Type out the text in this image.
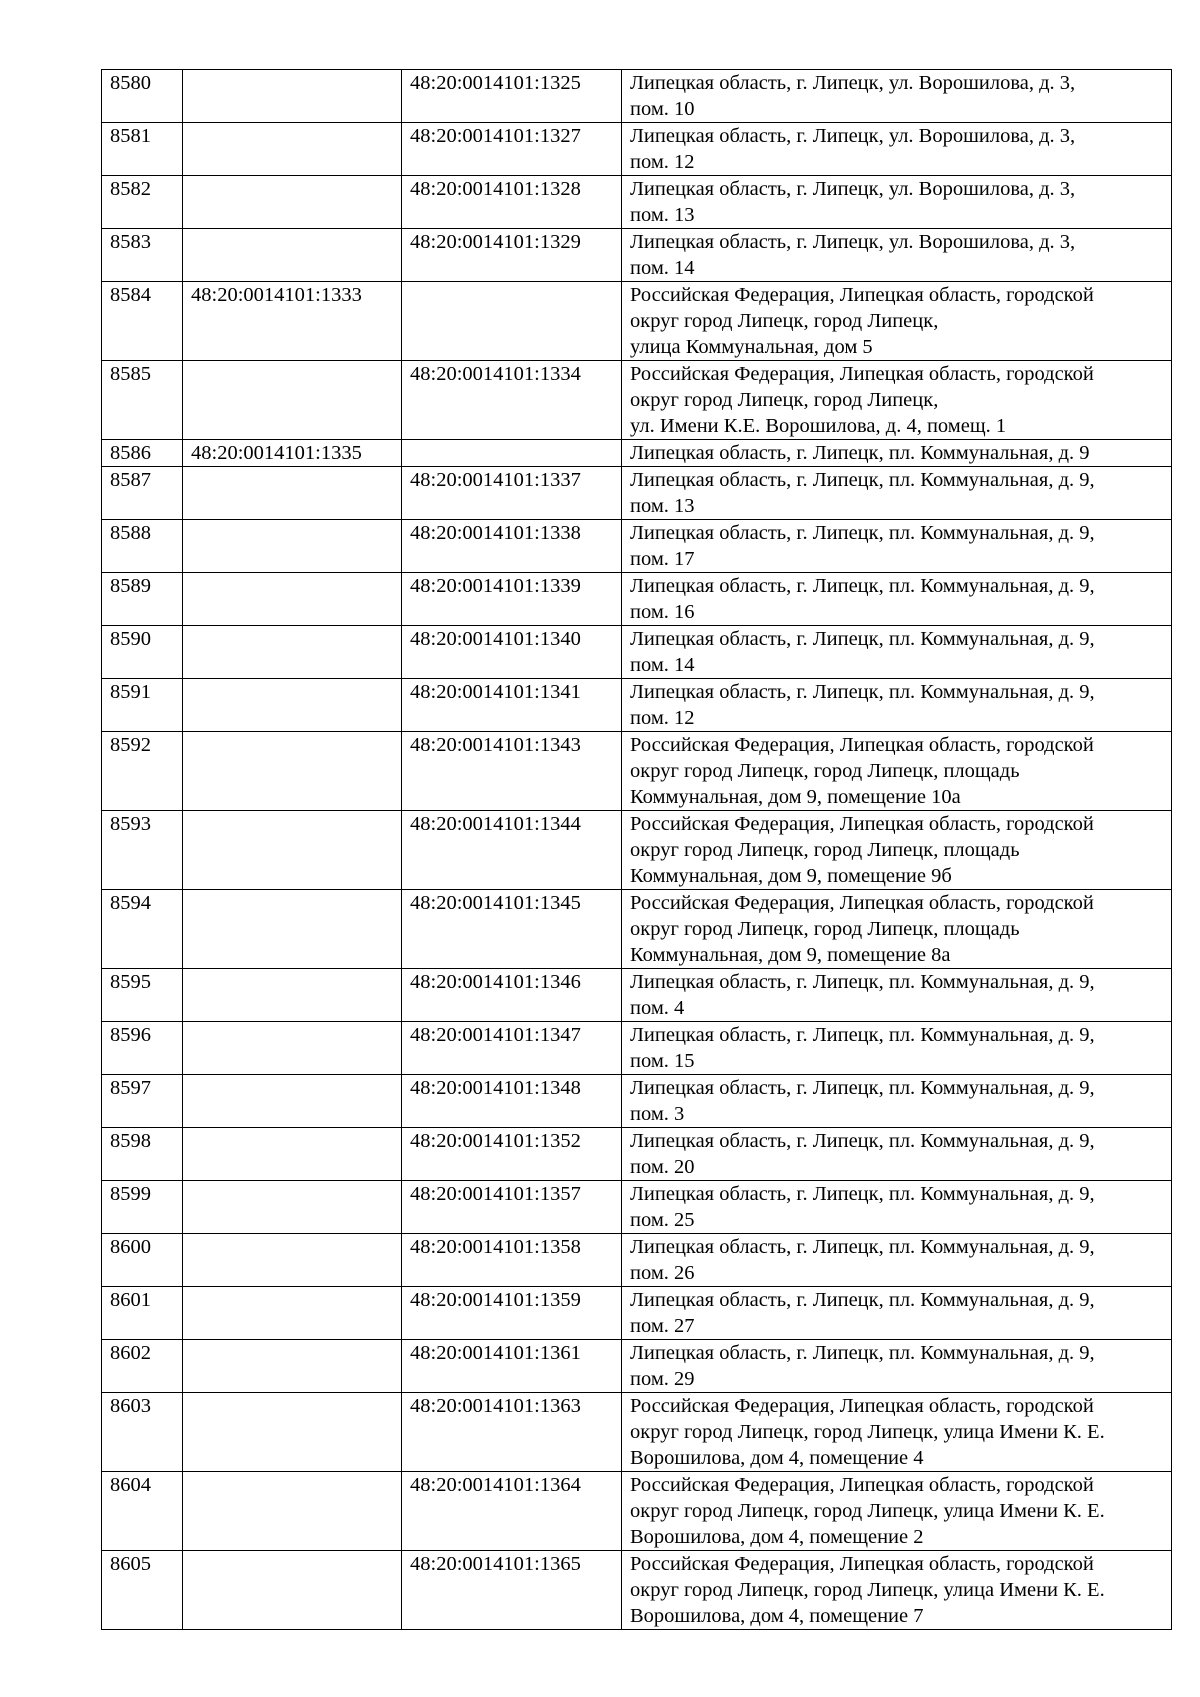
8580		48:20:0014101:1325	Липецкая область, г. Липецк, ул. Ворошилова, д. 3,
пом. 10
8581		48:20:0014101:1327	Липецкая область, г. Липецк, ул. Ворошилова, д. 3,
пом. 12
8582		48:20:0014101:1328	Липецкая область, г. Липецк, ул. Ворошилова, д. 3,
пом. 13
8583		48:20:0014101:1329	Липецкая область, г. Липецк, ул. Ворошилова, д. 3,
пом. 14
8584	48:20:0014101:1333		Российская Федерация, Липецкая область, городской
округ город Липецк, город Липецк,
улица Коммунальная, дом 5
8585		48:20:0014101:1334	Российская Федерация, Липецкая область, городской
округ город Липецк, город Липецк,
ул. Имени К.Е. Ворошилова, д. 4, помещ. 1
8586	48:20:0014101:1335		Липецкая область, г. Липецк, пл. Коммунальная, д. 9
8587		48:20:0014101:1337	Липецкая область, г. Липецк, пл. Коммунальная, д. 9,
пом. 13
8588		48:20:0014101:1338	Липецкая область, г. Липецк, пл. Коммунальная, д. 9,
пом. 17
8589		48:20:0014101:1339	Липецкая область, г. Липецк, пл. Коммунальная, д. 9,
пом. 16
8590		48:20:0014101:1340	Липецкая область, г. Липецк, пл. Коммунальная, д. 9,
пом. 14
8591		48:20:0014101:1341	Липецкая область, г. Липецк, пл. Коммунальная, д. 9,
пом. 12
8592		48:20:0014101:1343	Российская Федерация, Липецкая область, городской
округ город Липецк, город Липецк, площадь
Коммунальная, дом 9, помещение 10а
8593		48:20:0014101:1344	Российская Федерация, Липецкая область, городской
округ город Липецк, город Липецк, площадь
Коммунальная, дом 9, помещение 9б
8594		48:20:0014101:1345	Российская Федерация, Липецкая область, городской
округ город Липецк, город Липецк, площадь
Коммунальная, дом 9, помещение 8а
8595		48:20:0014101:1346	Липецкая область, г. Липецк, пл. Коммунальная, д. 9,
пом. 4
8596		48:20:0014101:1347	Липецкая область, г. Липецк, пл. Коммунальная, д. 9,
пом. 15
8597		48:20:0014101:1348	Липецкая область, г. Липецк, пл. Коммунальная, д. 9,
пом. 3
8598		48:20:0014101:1352	Липецкая область, г. Липецк, пл. Коммунальная, д. 9,
пом. 20
8599		48:20:0014101:1357	Липецкая область, г. Липецк, пл. Коммунальная, д. 9,
пом. 25
8600		48:20:0014101:1358	Липецкая область, г. Липецк, пл. Коммунальная, д. 9,
пом. 26
8601		48:20:0014101:1359	Липецкая область, г. Липецк, пл. Коммунальная, д. 9,
пом. 27
8602		48:20:0014101:1361	Липецкая область, г. Липецк, пл. Коммунальная, д. 9,
пом. 29
8603		48:20:0014101:1363	Российская Федерация, Липецкая область, городской
округ город Липецк, город Липецк, улица Имени К. Е.
Ворошилова, дом 4, помещение 4
8604		48:20:0014101:1364	Российская Федерация, Липецкая область, городской
округ город Липецк, город Липецк, улица Имени К. Е.
Ворошилова, дом 4, помещение 2
8605		48:20:0014101:1365	Российская Федерация, Липецкая область, городской
округ город Липецк, город Липецк, улица Имени К. Е.
Ворошилова, дом 4, помещение 7
